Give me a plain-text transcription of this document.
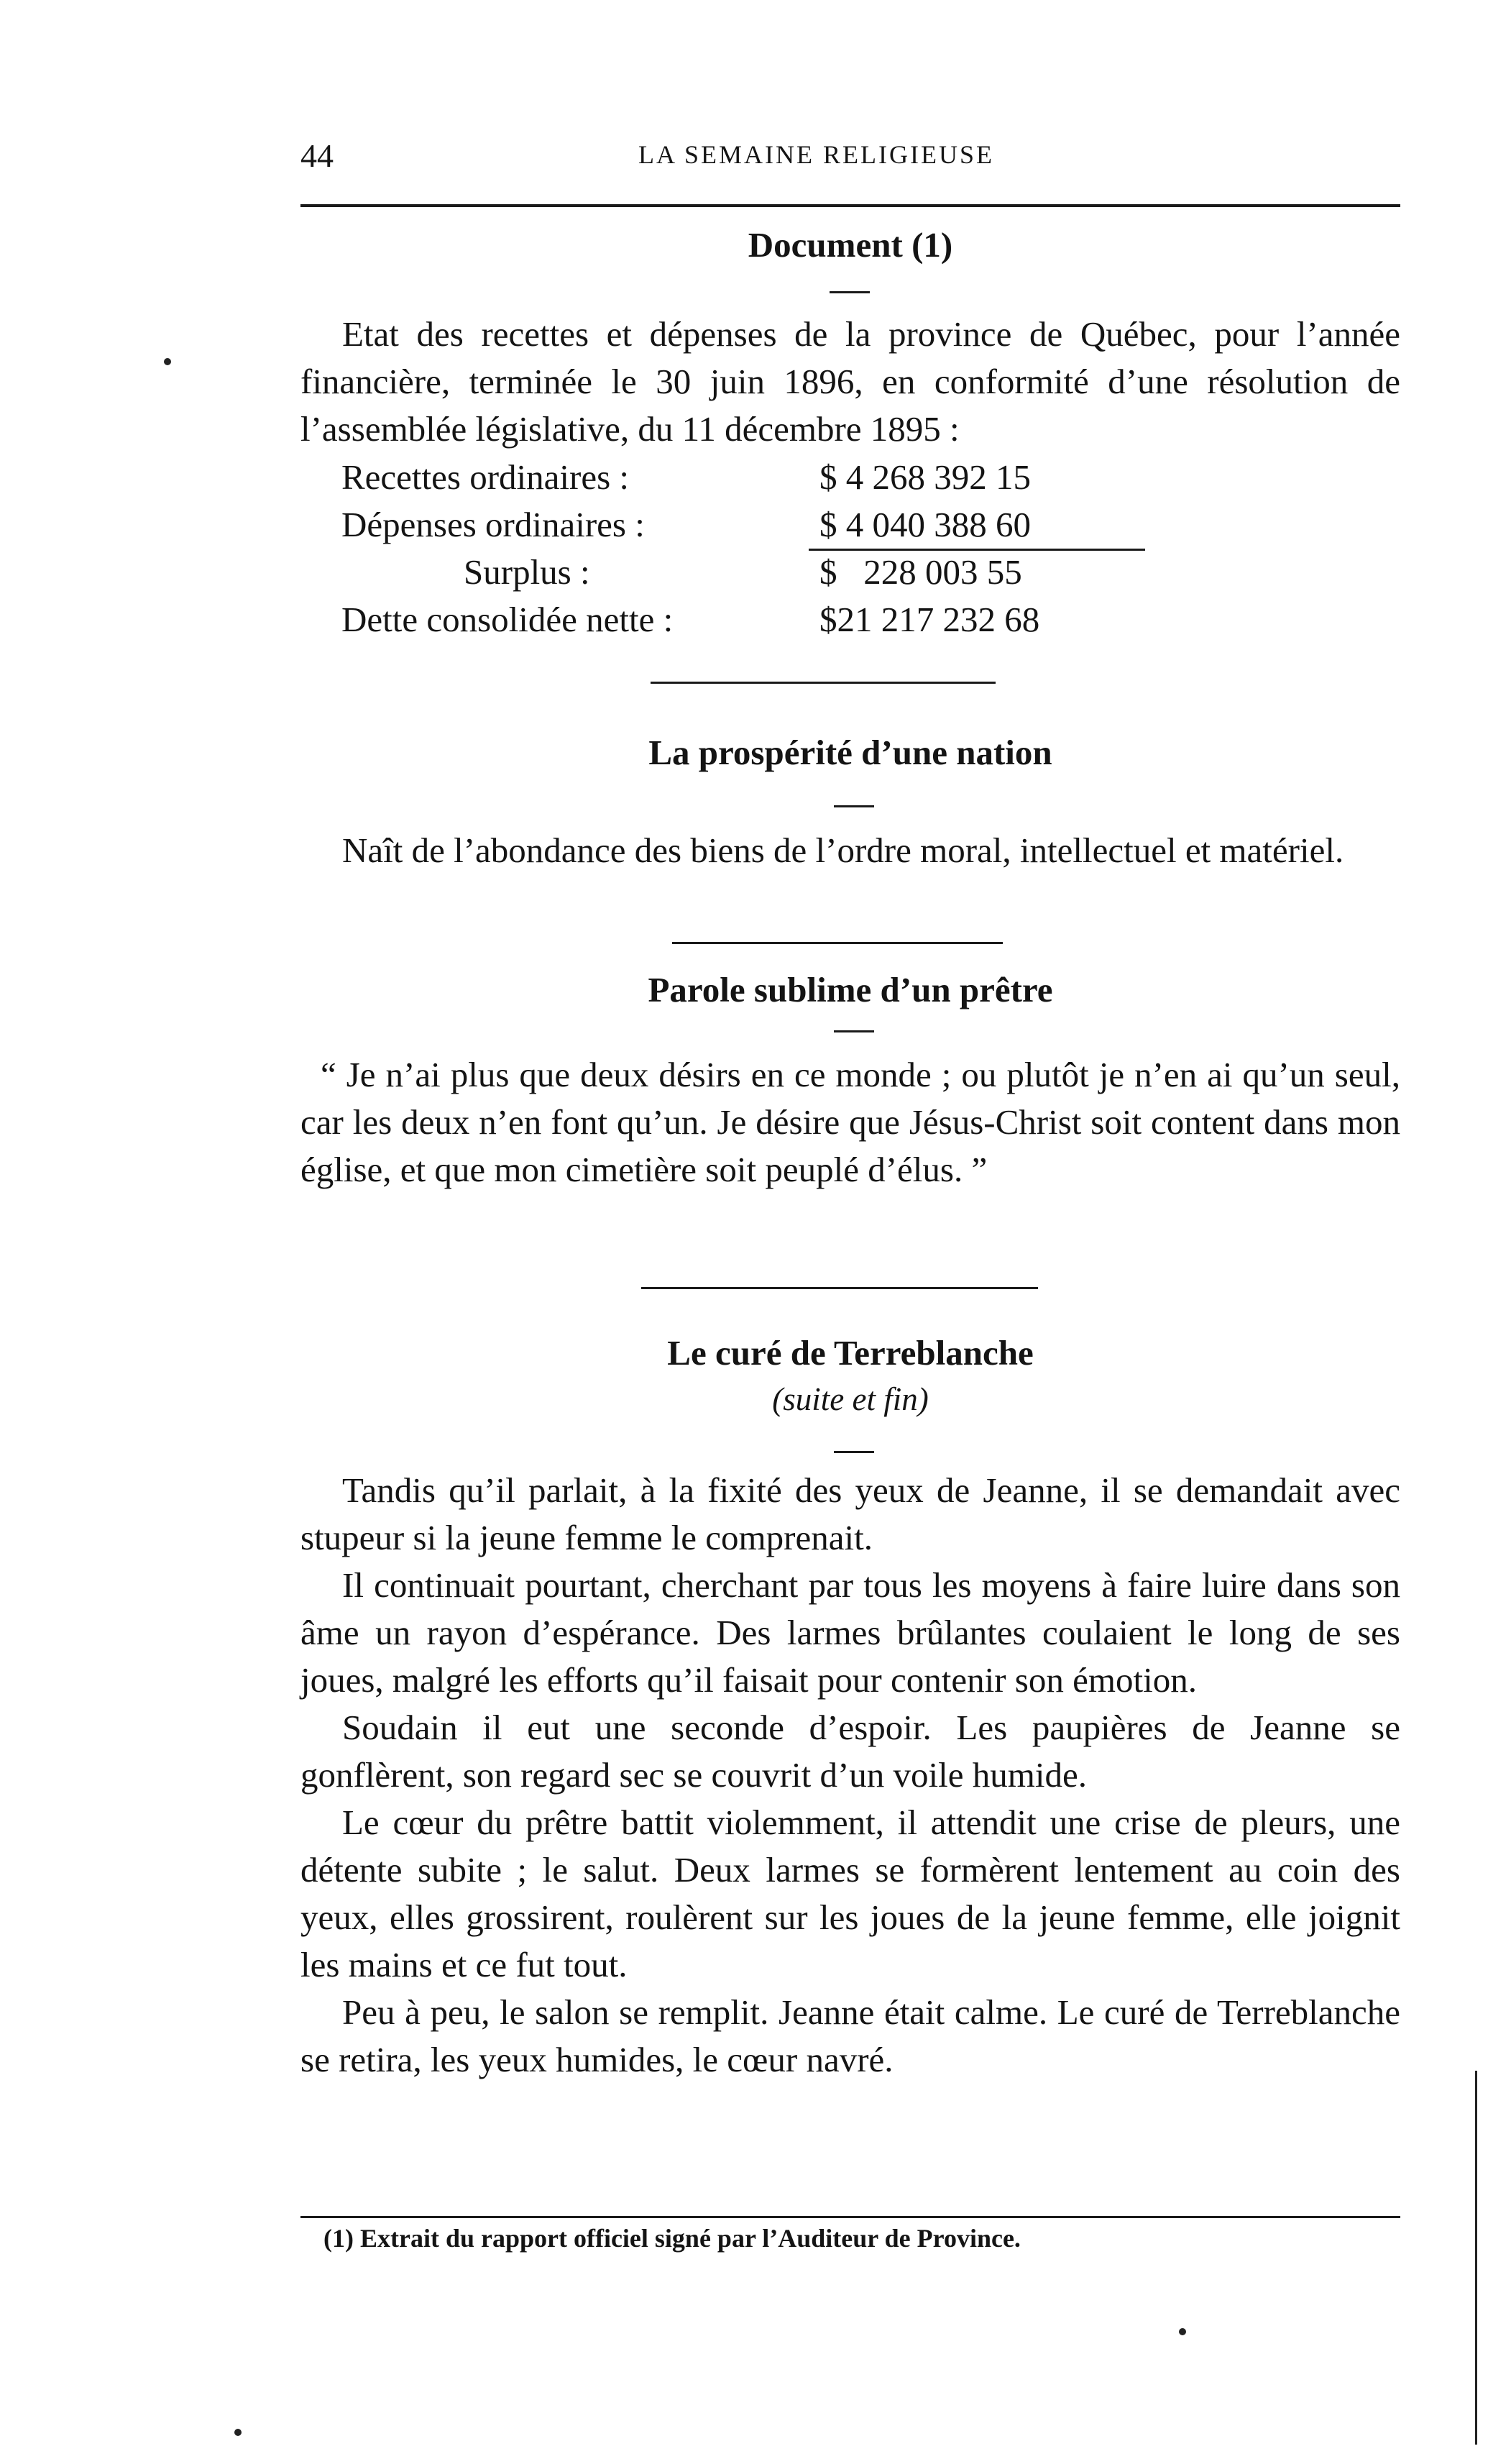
44	LA SEMAINE RELIGIEUSE
Document (1)

Etat des recettes et dépenses de la province de Québec, pour l’année financière, terminée le 30 juin 1896, en conformité d’une résolution de l’assemblée législative, du 11 décembre 1895 :

Recettes ordinaires :	$ 4 268 392 15
Dépenses ordinaires :	$ 4 040 388 60
Surplus :	$   228 003 55
Dette consolidée nette :	$21 217 232 68
La prospérité d’une nation

Naît de l’abondance des biens de l’ordre moral, intellectuel et matériel.

Parole sublime d’un prêtre

“ Je n’ai plus que deux désirs en ce monde ; ou plutôt je n’en ai qu’un seul, car les deux n’en font qu’un. Je désire que Jésus-Christ soit content dans mon église, et que mon cimetière soit peuplé d’élus. ”

Le curé de Terreblanche
(suite et fin)

Tandis qu’il parlait, à la fixité des yeux de Jeanne, il se demandait avec stupeur si la jeune femme le comprenait.

Il continuait pourtant, cherchant par tous les moyens à faire luire dans son âme un rayon d’espérance. Des larmes brûlantes coulaient le long de ses joues, malgré les efforts qu’il faisait pour contenir son émotion.

Soudain il eut une seconde d’espoir. Les paupières de Jeanne se gonflèrent, son regard sec se couvrit d’un voile humide.

Le cœur du prêtre battit violemment, il attendit une crise de pleurs, une détente subite ; le salut. Deux larmes se formèrent lentement au coin des yeux, elles grossirent, roulèrent sur les joues de la jeune femme, elle joignit les mains et ce fut tout.

Peu à peu, le salon se remplit. Jeanne était calme. Le curé de Terreblanche se retira, les yeux humides, le cœur navré.

(1) Extrait du rapport officiel signé par l’Auditeur de Province.
